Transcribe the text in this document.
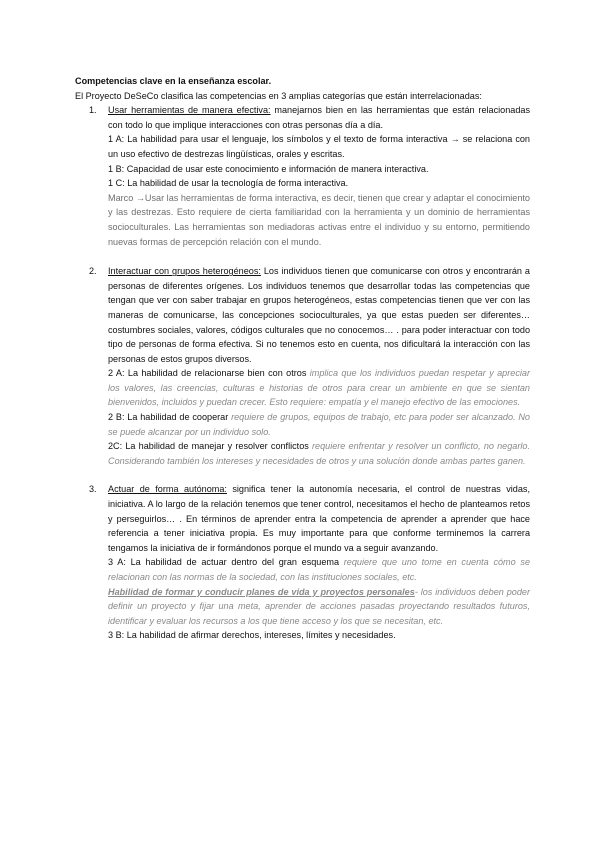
Competencias clave en la enseñanza escolar.

El Proyecto DeSeCo clasifica las competencias en 3 amplias categorías que están interrelacionadas:

1. Usar herramientas de manera efectiva: manejarnos bien en las herramientas que están relacionadas con todo lo que implique interacciones con otras personas día a día.

1 A: La habilidad para usar el lenguaje, los símbolos y el texto de forma interactiva → se relaciona con un uso efectivo de destrezas lingüísticas, orales y escritas.

1 B: Capacidad de usar este conocimiento e información de manera interactiva.

1 C: La habilidad de usar la tecnología de forma interactiva.

Marco →Usar las herramientas de forma interactiva, es decir, tienen que crear y adaptar el conocimiento y las destrezas. Esto requiere de cierta familiaridad con la herramienta y un dominio de herramientas socioculturales. Las herramientas son mediadoras activas entre el individuo y su entorno, permitiendo nuevas formas de percepción relación con el mundo.

2. Interactuar con grupos heterogéneos: Los individuos tienen que comunicarse con otros y encontrarán a personas de diferentes orígenes. Los individuos tenemos que desarrollar todas las competencias que tengan que ver con saber trabajar en grupos heterogéneos, estas competencias tienen que ver con las maneras de comunicarse, las concepciones socioculturales, ya que estas pueden ser diferentes… costumbres sociales, valores, códigos culturales que no conocemos… . para poder interactuar con todo tipo de personas de forma efectiva. Si no tenemos esto en cuenta, nos dificultará la interacción con las personas de estos grupos diversos.

2 A: La habilidad de relacionarse bien con otros implica que los individuos puedan respetar y apreciar los valores, las creencias, culturas e historias de otros para crear un ambiente en que se sientan bienvenidos, incluidos y puedan crecer. Esto requiere: empatía y el manejo efectivo de las emociones.

2 B: La habilidad de cooperar requiere de grupos, equipos de trabajo, etc para poder ser alcanzado. No se puede alcanzar por un individuo solo.

2C: La habilidad de manejar y resolver conflictos requiere enfrentar y resolver un conflicto, no negarlo. Considerando también los intereses y necesidades de otros y una solución donde ambas partes ganen.

3. Actuar de forma autónoma: significa tener la autonomía necesaria, el control de nuestras vidas, iniciativa. A lo largo de la relación tenemos que tener control, necesitamos el hecho de planteamos retos y perseguirlos… . En términos de aprender entra la competencia de aprender a aprender que hace referencia a tener iniciativa propia. Es muy importante para que conforme terminemos la carrera tengamos la iniciativa de ir formándonos porque el mundo va a seguir avanzando.

3 A: La habilidad de actuar dentro del gran esquema requiere que uno tome en cuenta cómo se relacionan con las normas de la sociedad, con las instituciones sociales, etc.

Habilidad de formar y conducir planes de vida y proyectos personales- los individuos deben poder definir un proyecto y fijar una meta, aprender de acciones pasadas proyectando resultados futuros, identificar y evaluar los recursos a los que tiene acceso y los que se necesitan, etc.

3 B: La habilidad de afirmar derechos, intereses, límites y necesidades.
